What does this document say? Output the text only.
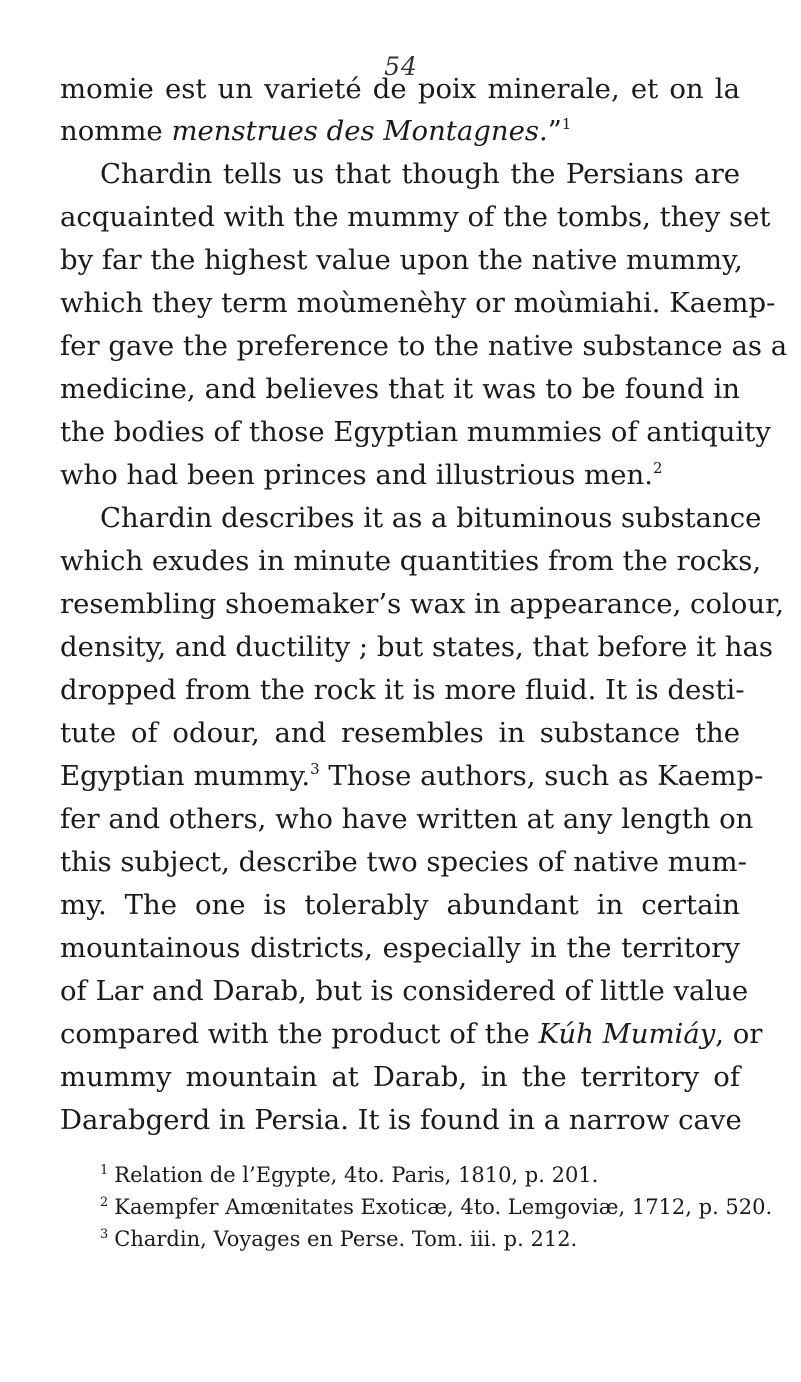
54
momie est un varieté de poix minerale, et on la
nomme menstrues des Montagnes.”$^1$
Chardin tells us that though the Persians are
acquainted with the mummy of the tombs, they set
by far the highest value upon the native mummy,
which they term moùmenèhy or moùmiahi. Kaemp-
fer gave the preference to the native substance as a
medicine, and believes that it was to be found in
the bodies of those Egyptian mummies of antiquity
who had been princes and illustrious men.$^2$
Chardin describes it as a bituminous substance
which exudes in minute quantities from the rocks,
resembling shoemaker’s wax in appearance, colour,
density, and ductility ; but states, that before it has
dropped from the rock it is more fluid. It is desti-
tute of odour, and resembles in substance the
Egyptian mummy.$^3$ Those authors, such as Kaemp-
fer and others, who have written at any length on
this subject, describe two species of native mum-
my. The one is tolerably abundant in certain
mountainous districts, especially in the territory
of Lar and Darab, but is considered of little value
compared with the product of the Kúh Mumiáy, or
mummy mountain at Darab, in the territory of
Darabgerd in Persia. It is found in a narrow cave
$^1$ Relation de l’Egypte, 4to. Paris, 1810, p. 201.
$^2$ Kaempfer Amœnitates Exoticæ, 4to. Lemgoviæ, 1712, p. 520.
$^3$ Chardin, Voyages en Perse. Tom. iii. p. 212.
